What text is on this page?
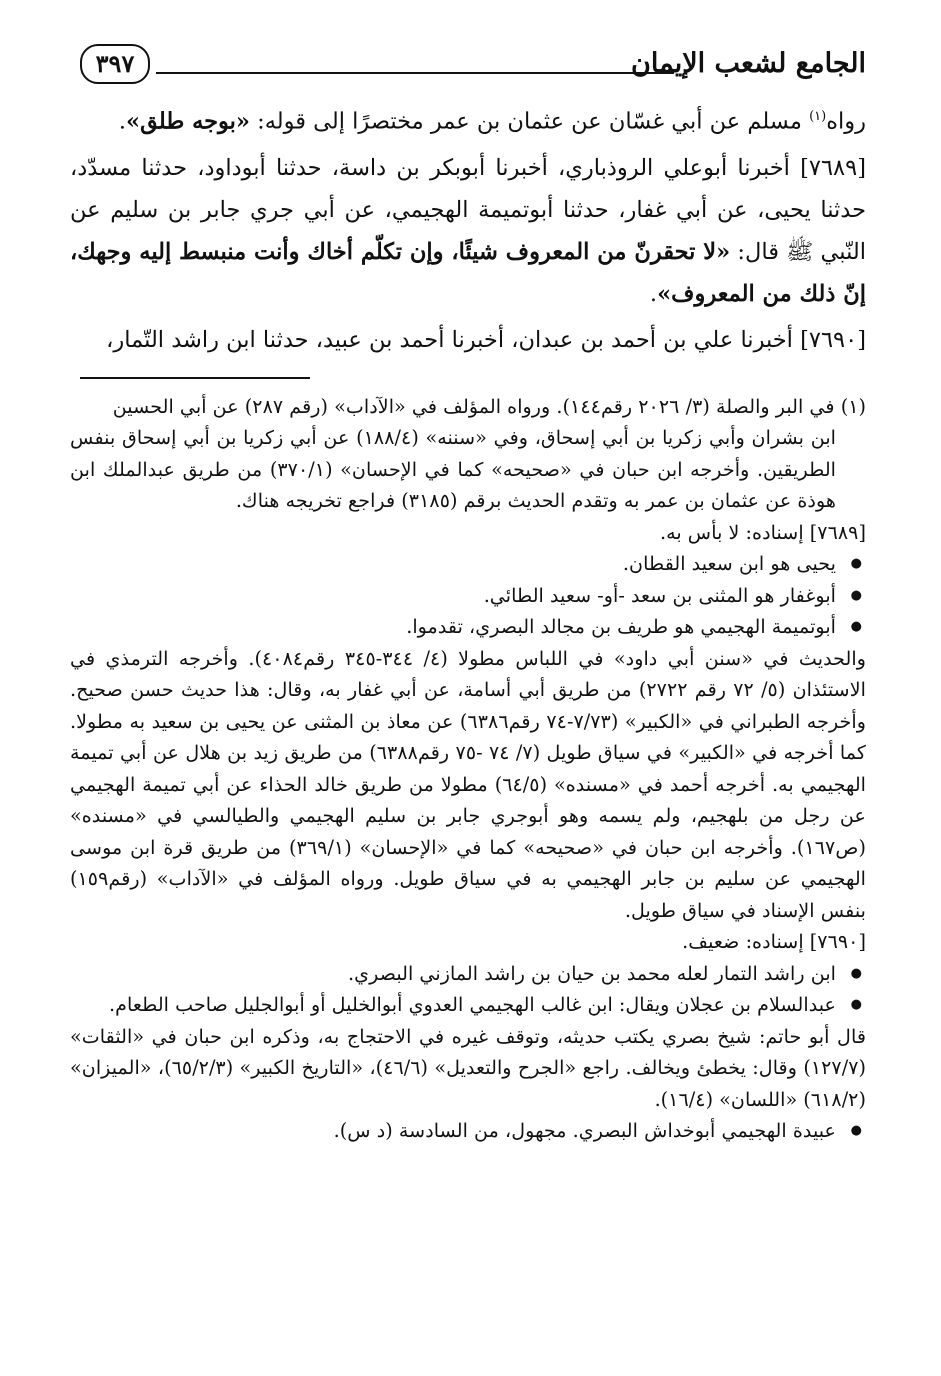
الجامع لشعب الإيمان
٣٩٧

رواه$^{(١)}$ مسلم عن أبي غسّان عن عثمان بن عمر مختصرًا إلى قوله: «بوجه طلق».

[٧٦٨٩] أخبرنا أبوعلي الروذباري، أخبرنا أبوبكر بن داسة، حدثنا أبوداود، حدثنا مسدّد، حدثنا يحيى، عن أبي غفار، حدثنا أبوتميمة الهجيمي، عن أبي جري جابر بن سليم عن النّبي ﷺ قال: «لا تحقرنّ من المعروف شيئًا، وإن تكلّم أخاك وأنت منبسط إليه وجهك، إنّ ذلك من المعروف».

[٧٦٩٠] أخبرنا علي بن أحمد بن عبدان، أخبرنا أحمد بن عبيد، حدثنا ابن راشد التّمار،

(١) في البر والصلة (٣/ ٢٠٢٦ رقم١٤٤). ورواه المؤلف في «الآداب» (رقم ٢٨٧) عن أبي الحسين

ابن بشران وأبي زكريا بن أبي إسحاق، وفي «سننه» (١٨٨/٤) عن أبي زكريا بن أبي إسحاق بنفس الطريقين. وأخرجه ابن حبان في «صحيحه» كما في الإحسان» (٣٧٠/١) من طريق عبدالملك ابن هوذة عن عثمان بن عمر به وتقدم الحديث برقم (٣١٨٥) فراجع تخريجه هناك.

[٧٦٨٩] إسناده: لا بأس به.

● يحيى هو ابن سعيد القطان.
● أبوغفار هو المثنى بن سعد -أو- سعيد الطائي.
● أبوتميمة الهجيمي هو طريف بن مجالد البصري، تقدموا.

والحديث في «سنن أبي داود» في اللباس مطولا (٤/ ٣٤٤-٣٤٥ رقم٤٠٨٤). وأخرجه الترمذي في الاستئذان (٥/ ٧٢ رقم ٢٧٢٢) من طريق أبي أسامة، عن أبي غفار به، وقال: هذا حديث حسن صحيح. وأخرجه الطبراني في «الكبير» (٧/٧٣-٧٤ رقم٦٣٨٦) عن معاذ بن المثنى عن يحيى بن سعيد به مطولا. كما أخرجه في «الكبير» في سياق طويل (٧/ ٧٤ -٧٥ رقم٦٣٨٨) من طريق زيد بن هلال عن أبي تميمة الهجيمي به. أخرجه أحمد في «مسنده» (٦٤/٥) مطولا من طريق خالد الحذاء عن أبي تميمة الهجيمي عن رجل من بلهجيم، ولم يسمه وهو أبوجري جابر بن سليم الهجيمي والطيالسي في «مسنده» (ص١٦٧). وأخرجه ابن حبان في «صحيحه» كما في «الإحسان» (٣٦٩/١) من طريق قرة ابن موسى الهجيمي عن سليم بن جابر الهجيمي به في سياق طويل. ورواه المؤلف في «الآداب» (رقم١٥٩) بنفس الإسناد في سياق طويل.

[٧٦٩٠] إسناده: ضعيف.

● ابن راشد التمار لعله محمد بن حيان بن راشد المازني البصري.
● عبدالسلام بن عجلان ويقال: ابن غالب الهجيمي العدوي أبوالخليل أو أبوالجليل صاحب الطعام.

قال أبو حاتم: شيخ بصري يكتب حديثه، وتوقف غيره في الاحتجاج به، وذكره ابن حبان في «الثقات» (١٢٧/٧) وقال: يخطئ ويخالف. راجع «الجرح والتعديل» (٤٦/٦)، «التاريخ الكبير» (٦٥/٢/٣)، «الميزان» (٦١٨/٢) «اللسان» (١٦/٤).

● عبيدة الهجيمي أبوخداش البصري. مجهول، من السادسة (د س).
